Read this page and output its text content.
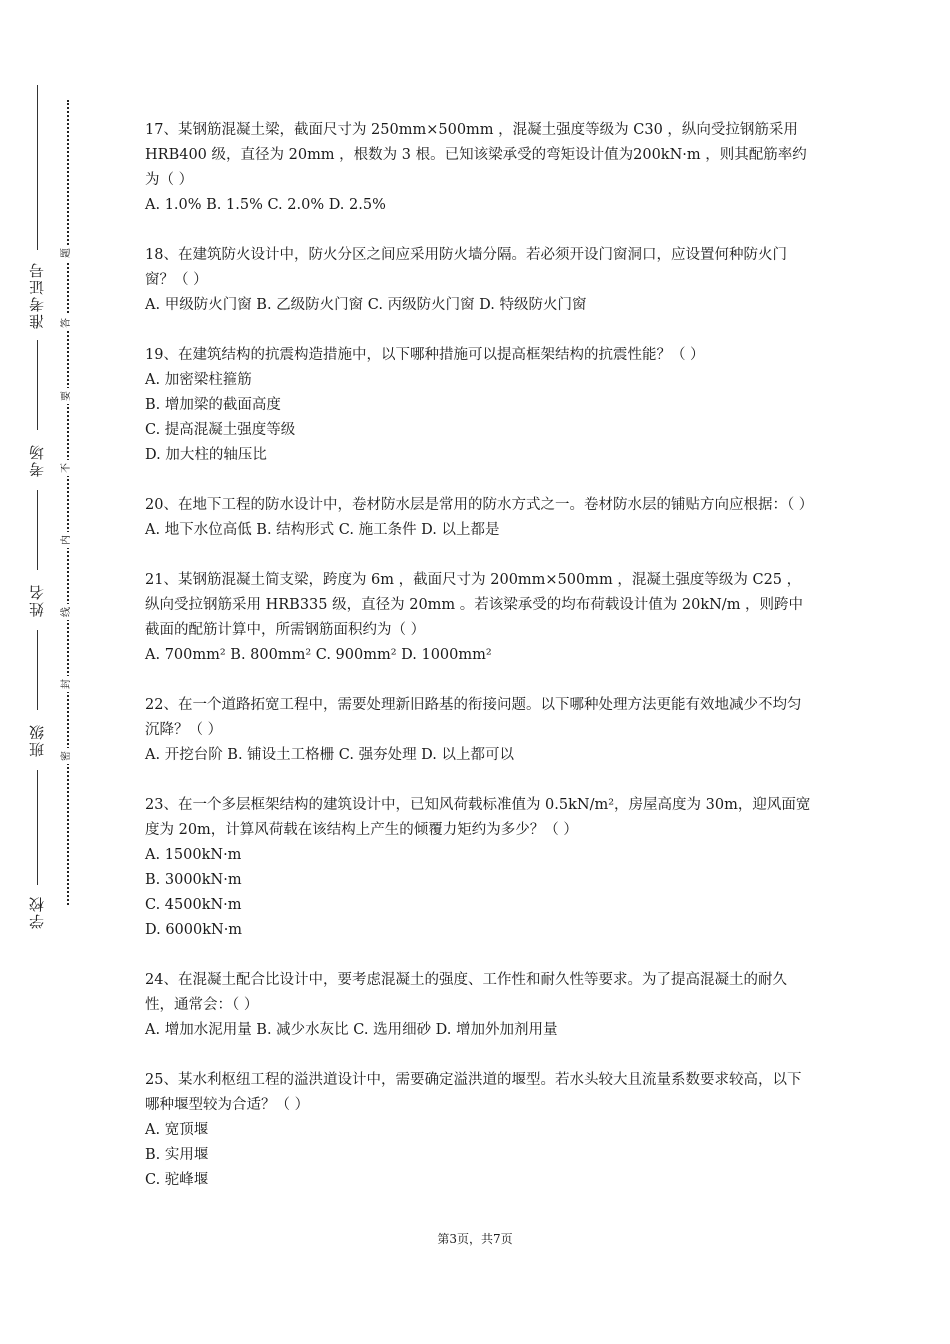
准考证号
考场
姓名
班级
学校
题
答
要
不
内
线
封
密

17、某钢筋混凝土梁，截面尺寸为 250mm×500mm ，混凝土强度等级为 C30 ，纵向受拉钢筋采用 HRB400 级，直径为 20mm ，根数为 3 根。已知该梁承受的弯矩设计值为200kN·m ，则其配筋率约为（ ）

A. 1.0% B. 1.5% C. 2.0% D. 2.5%

18、在建筑防火设计中，防火分区之间应采用防火墙分隔。若必须开设门窗洞口，应设置何种防火门窗？（ ）

A. 甲级防火门窗 B. 乙级防火门窗 C. 丙级防火门窗 D. 特级防火门窗

19、在建筑结构的抗震构造措施中，以下哪种措施可以提高框架结构的抗震性能？（ ）

A. 加密梁柱箍筋

B. 增加梁的截面高度

C. 提高混凝土强度等级

D. 加大柱的轴压比

20、在地下工程的防水设计中，卷材防水层是常用的防水方式之一。卷材防水层的铺贴方向应根据：（ ）

A. 地下水位高低 B. 结构形式 C. 施工条件 D. 以上都是

21、某钢筋混凝土简支梁，跨度为 6m ，截面尺寸为 200mm×500mm ，混凝土强度等级为 C25 ，纵向受拉钢筋采用 HRB335 级，直径为 20mm 。若该梁承受的均布荷载设计值为 20kN/m ，则跨中截面的配筋计算中，所需钢筋面积约为（ ）

A. 700mm² B. 800mm² C. 900mm² D. 1000mm²

22、在一个道路拓宽工程中，需要处理新旧路基的衔接问题。以下哪种处理方法更能有效地减少不均匀沉降？（ ）

A. 开挖台阶 B. 铺设土工格栅 C. 强夯处理 D. 以上都可以

23、在一个多层框架结构的建筑设计中，已知风荷载标准值为 0.5kN/m²，房屋高度为 30m，迎风面宽度为 20m，计算风荷载在该结构上产生的倾覆力矩约为多少？（ ）

A. 1500kN·m

B. 3000kN·m

C. 4500kN·m

D. 6000kN·m

24、在混凝土配合比设计中，要考虑混凝土的强度、工作性和耐久性等要求。为了提高混凝土的耐久性，通常会：（ ）

A. 增加水泥用量 B. 减少水灰比 C. 选用细砂 D. 增加外加剂用量

25、某水利枢纽工程的溢洪道设计中，需要确定溢洪道的堰型。若水头较大且流量系数要求较高，以下哪种堰型较为合适？（ ）

A. 宽顶堰

B. 实用堰

C. 驼峰堰

第3页，共7页
